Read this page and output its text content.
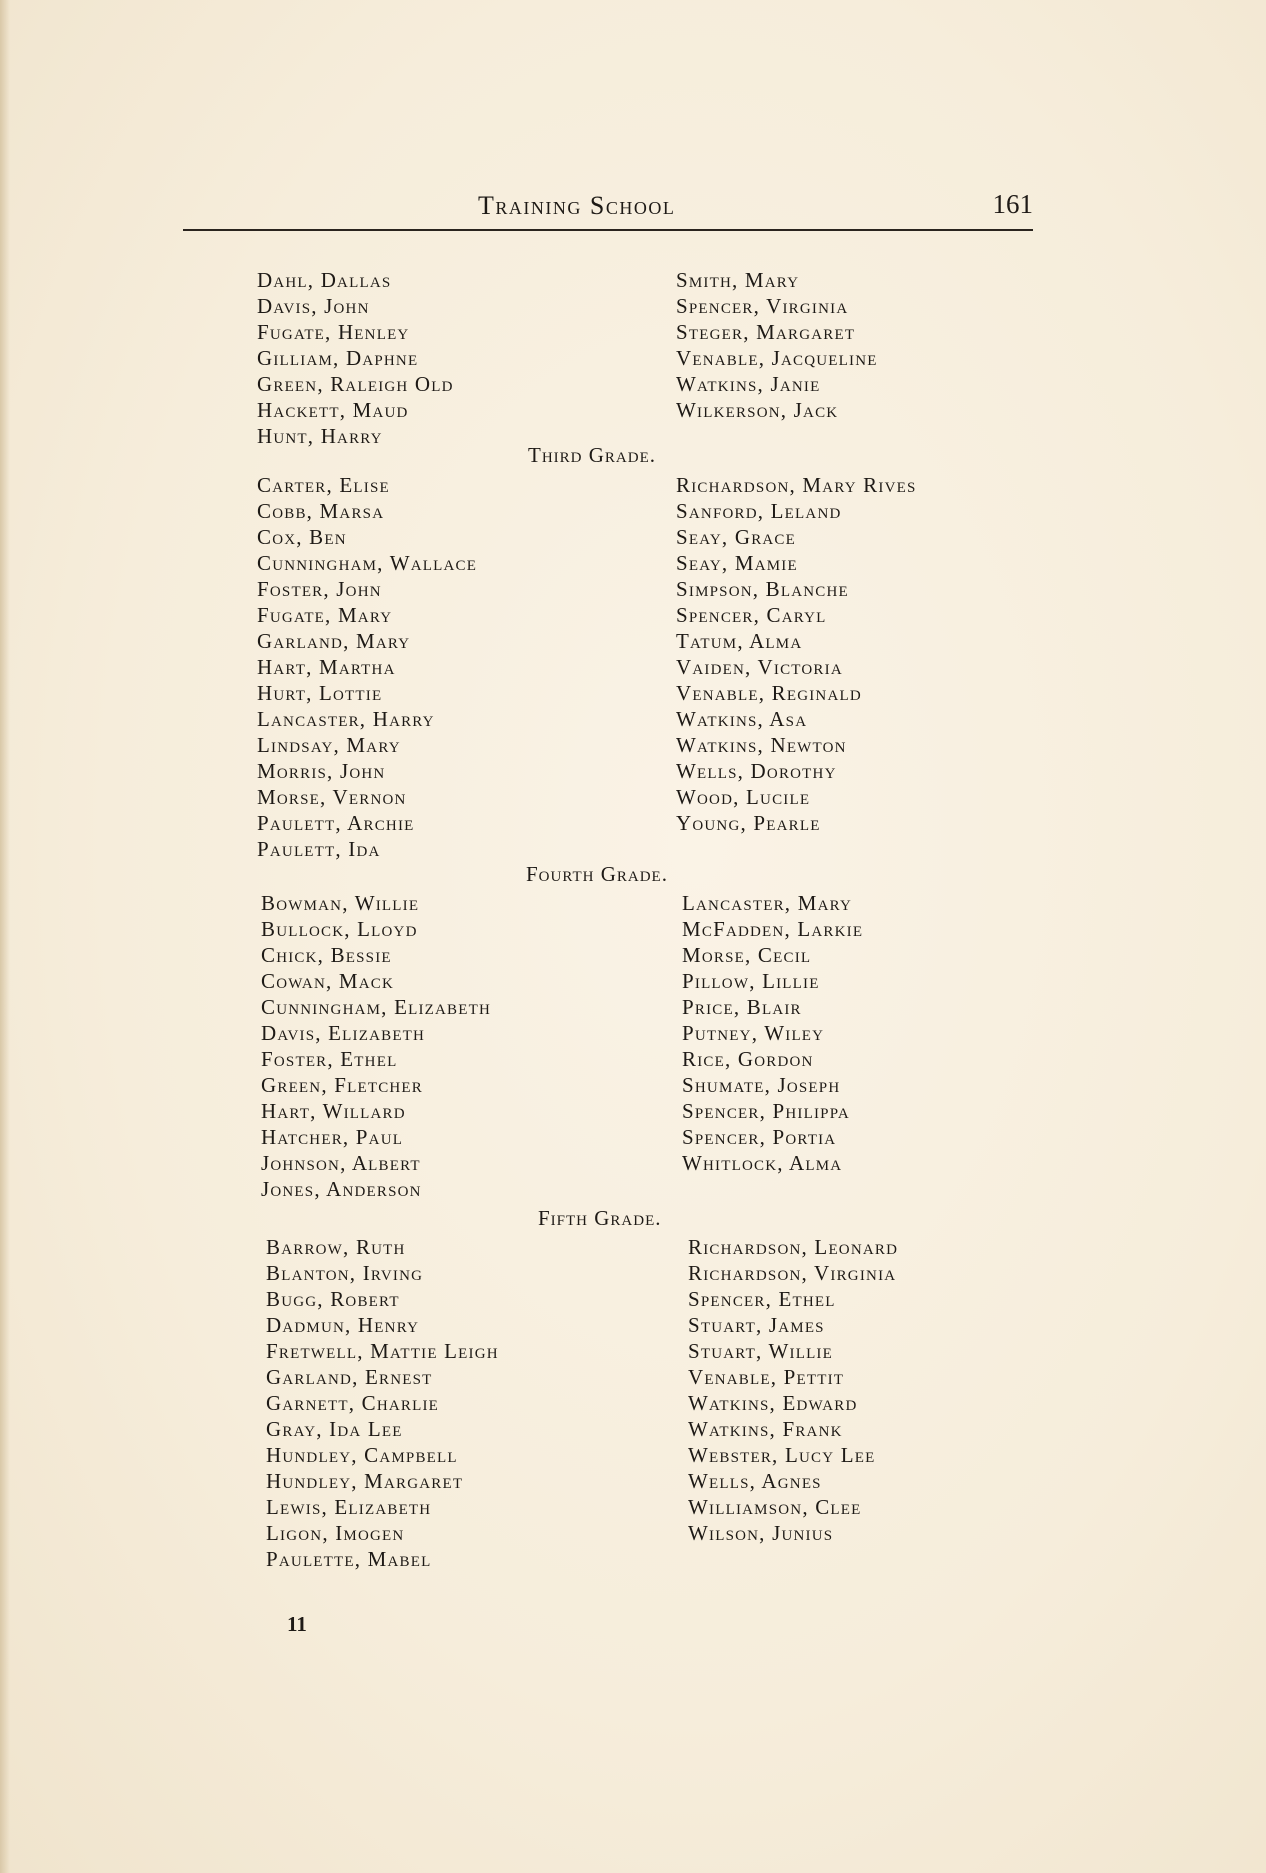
Training School	161
Dahl, Dallas
Davis, John
Fugate, Henley
Gilliam, Daphne
Green, Raleigh Old
Hackett, Maud
Hunt, Harry
Smith, Mary
Spencer, Virginia
Steger, Margaret
Venable, Jacqueline
Watkins, Janie
Wilkerson, Jack
Third Grade.
Carter, Elise
Cobb, Marsa
Cox, Ben
Cunningham, Wallace
Foster, John
Fugate, Mary
Garland, Mary
Hart, Martha
Hurt, Lottie
Lancaster, Harry
Lindsay, Mary
Morris, John
Morse, Vernon
Paulett, Archie
Paulett, Ida
Richardson, Mary Rives
Sanford, Leland
Seay, Grace
Seay, Mamie
Simpson, Blanche
Spencer, Caryl
Tatum, Alma
Vaiden, Victoria
Venable, Reginald
Watkins, Asa
Watkins, Newton
Wells, Dorothy
Wood, Lucile
Young, Pearle
Fourth Grade.
Bowman, Willie
Bullock, Lloyd
Chick, Bessie
Cowan, Mack
Cunningham, Elizabeth
Davis, Elizabeth
Foster, Ethel
Green, Fletcher
Hart, Willard
Hatcher, Paul
Johnson, Albert
Jones, Anderson
Lancaster, Mary
McFadden, Larkie
Morse, Cecil
Pillow, Lillie
Price, Blair
Putney, Wiley
Rice, Gordon
Shumate, Joseph
Spencer, Philippa
Spencer, Portia
Whitlock, Alma
Fifth Grade.
Barrow, Ruth
Blanton, Irving
Bugg, Robert
Dadmun, Henry
Fretwell, Mattie Leigh
Garland, Ernest
Garnett, Charlie
Gray, Ida Lee
Hundley, Campbell
Hundley, Margaret
Lewis, Elizabeth
Ligon, Imogen
Paulette, Mabel
Richardson, Leonard
Richardson, Virginia
Spencer, Ethel
Stuart, James
Stuart, Willie
Venable, Pettit
Watkins, Edward
Watkins, Frank
Webster, Lucy Lee
Wells, Agnes
Williamson, Clee
Wilson, Junius
11
